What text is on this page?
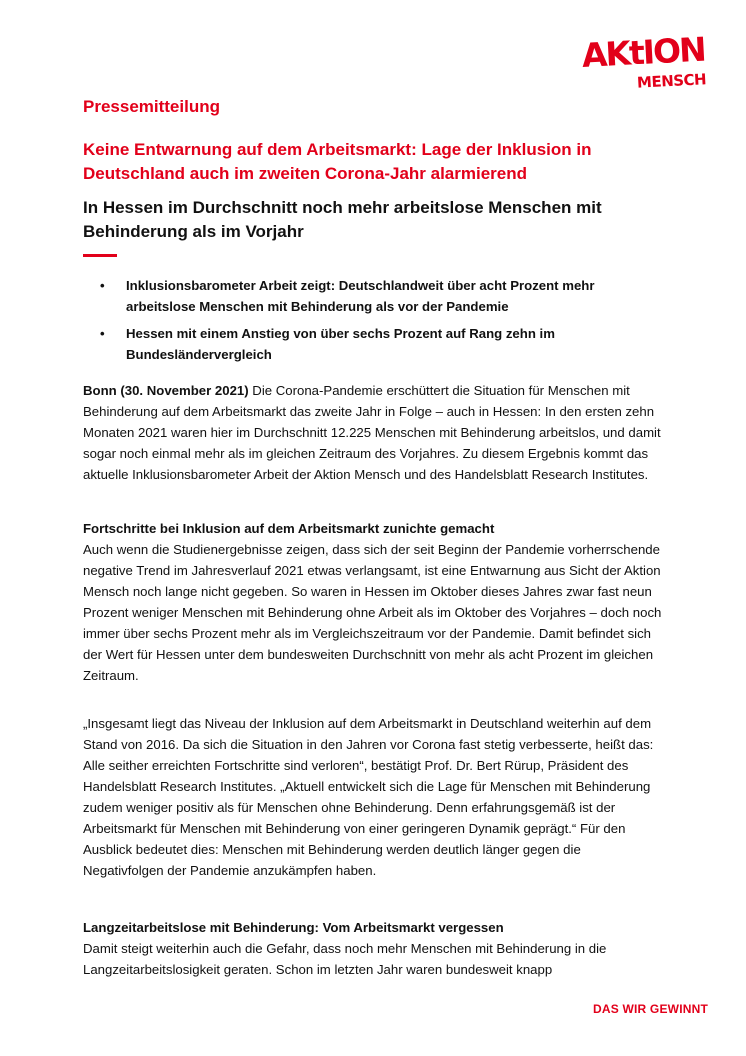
AKtION
MENSCH
Pressemitteilung
Keine Entwarnung auf dem Arbeitsmarkt: Lage der Inklusion in Deutschland auch im zweiten Corona-Jahr alarmierend
In Hessen im Durchschnitt noch mehr arbeitslose Menschen mit Behinderung als im Vorjahr
• Inklusionsbarometer Arbeit zeigt: Deutschlandweit über acht Prozent mehr arbeitslose Menschen mit Behinderung als vor der Pandemie
• Hessen mit einem Anstieg von über sechs Prozent auf Rang zehn im Bundesländervergleich

Bonn (30. November 2021) Die Corona-Pandemie erschüttert die Situation für Menschen mit Behinderung auf dem Arbeitsmarkt das zweite Jahr in Folge – auch in Hessen: In den ersten zehn Monaten 2021 waren hier im Durchschnitt 12.225 Menschen mit Behinderung arbeitslos, und damit sogar noch einmal mehr als im gleichen Zeitraum des Vorjahres. Zu diesem Ergebnis kommt das aktuelle Inklusionsbarometer Arbeit der Aktion Mensch und des Handelsblatt Research Institutes.

Fortschritte bei Inklusion auf dem Arbeitsmarkt zunichte gemacht

Auch wenn die Studienergebnisse zeigen, dass sich der seit Beginn der Pandemie vorherrschende negative Trend im Jahresverlauf 2021 etwas verlangsamt, ist eine Entwarnung aus Sicht der Aktion Mensch noch lange nicht gegeben. So waren in Hessen im Oktober dieses Jahres zwar fast neun Prozent weniger Menschen mit Behinderung ohne Arbeit als im Oktober des Vorjahres – doch noch immer über sechs Prozent mehr als im Vergleichszeitraum vor der Pandemie. Damit befindet sich der Wert für Hessen unter dem bundesweiten Durchschnitt von mehr als acht Prozent im gleichen Zeitraum.

„Insgesamt liegt das Niveau der Inklusion auf dem Arbeitsmarkt in Deutschland weiterhin auf dem Stand von 2016. Da sich die Situation in den Jahren vor Corona fast stetig verbesserte, heißt das: Alle seither erreichten Fortschritte sind verloren“, bestätigt Prof. Dr. Bert Rürup, Präsident des Handelsblatt Research Institutes. „Aktuell entwickelt sich die Lage für Menschen mit Behinderung zudem weniger positiv als für Menschen ohne Behinderung. Denn erfahrungsgemäß ist der Arbeitsmarkt für Menschen mit Behinderung von einer geringeren Dynamik geprägt.“ Für den Ausblick bedeutet dies: Menschen mit Behinderung werden deutlich länger gegen die Negativfolgen der Pandemie anzukämpfen haben.

Langzeitarbeitslose mit Behinderung: Vom Arbeitsmarkt vergessen

Damit steigt weiterhin auch die Gefahr, dass noch mehr Menschen mit Behinderung in die Langzeitarbeitslosigkeit geraten. Schon im letzten Jahr waren bundesweit knapp

DAS WIR GEWINNT
